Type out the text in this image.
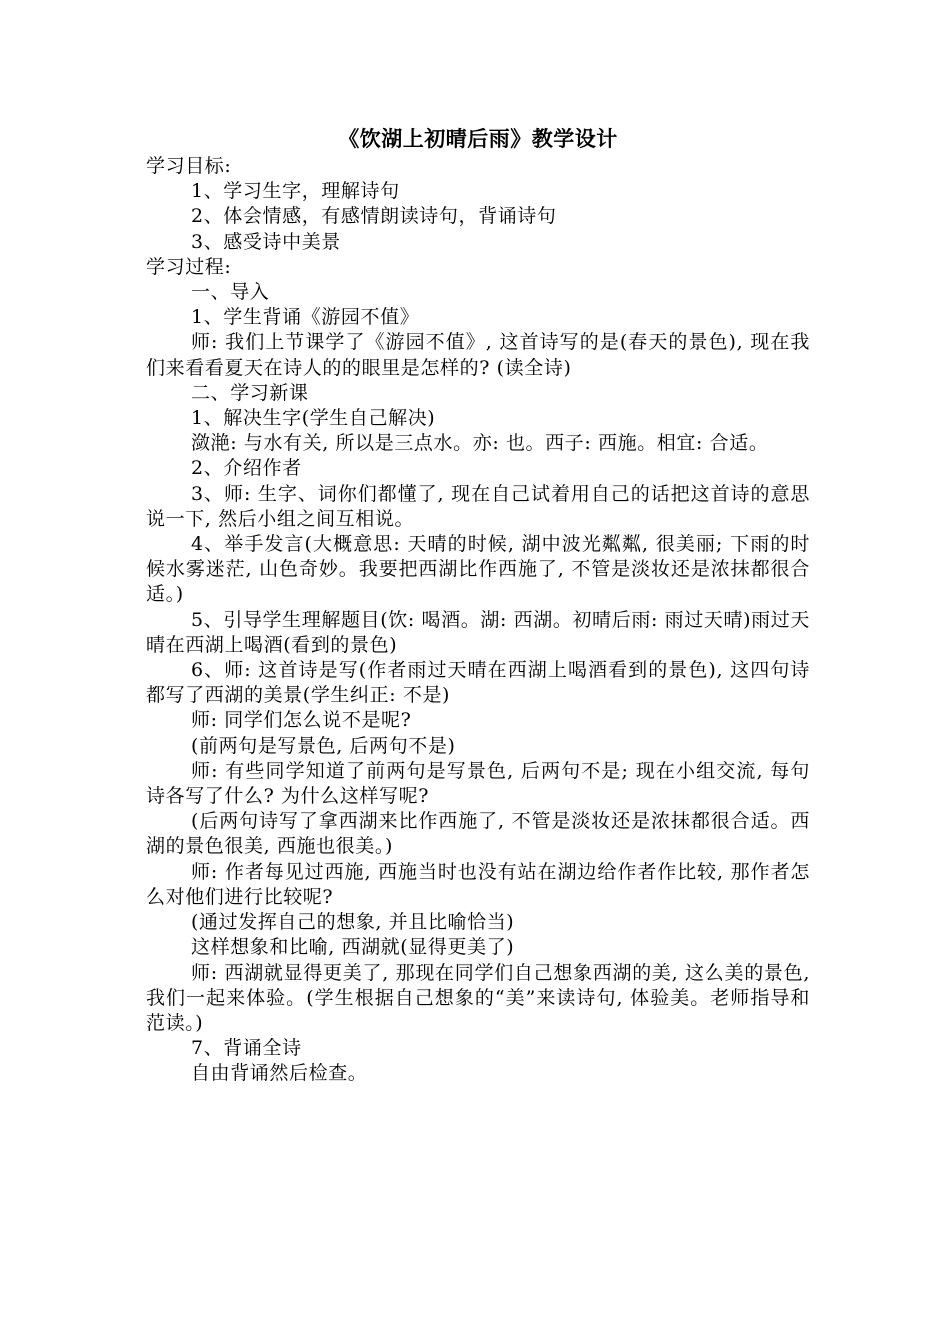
《饮湖上初晴后雨》教学设计

学习目标:

1、学习生字，理解诗句

2、体会情感，有感情朗读诗句，背诵诗句

3、感受诗中美景

学习过程:

一、导入

1、学生背诵《游园不值》

师: 我们上节课学了《游园不值》, 这首诗写的是(春天的景色), 现在我们来看看夏天在诗人的的眼里是怎样的? (读全诗)

二、学习新课

1、解决生字(学生自己解决)

潋滟: 与水有关, 所以是三点水。亦: 也。西子: 西施。相宜: 合适。

2、介绍作者

3、师: 生字、词你们都懂了, 现在自己试着用自己的话把这首诗的意思说一下, 然后小组之间互相说。

4、举手发言(大概意思: 天晴的时候, 湖中波光粼粼, 很美丽; 下雨的时候水雾迷茫, 山色奇妙。我要把西湖比作西施了, 不管是淡妆还是浓抹都很合适。)

5、引导学生理解题目(饮: 喝酒。湖: 西湖。初晴后雨: 雨过天晴)雨过天晴在西湖上喝酒(看到的景色)

6、师: 这首诗是写(作者雨过天晴在西湖上喝酒看到的景色), 这四句诗都写了西湖的美景(学生纠正: 不是)

师: 同学们怎么说不是呢?

(前两句是写景色, 后两句不是)

师: 有些同学知道了前两句是写景色, 后两句不是; 现在小组交流, 每句诗各写了什么? 为什么这样写呢?

(后两句诗写了拿西湖来比作西施了, 不管是淡妆还是浓抹都很合适。西湖的景色很美, 西施也很美。)

师: 作者每见过西施, 西施当时也没有站在湖边给作者作比较, 那作者怎么对他们进行比较呢?

(通过发挥自己的想象, 并且比喻恰当)

这样想象和比喻, 西湖就(显得更美了)

师: 西湖就显得更美了, 那现在同学们自己想象西湖的美, 这么美的景色, 我们一起来体验。(学生根据自己想象的“美”来读诗句, 体验美。老师指导和范读。)

7、背诵全诗

自由背诵然后检查。
